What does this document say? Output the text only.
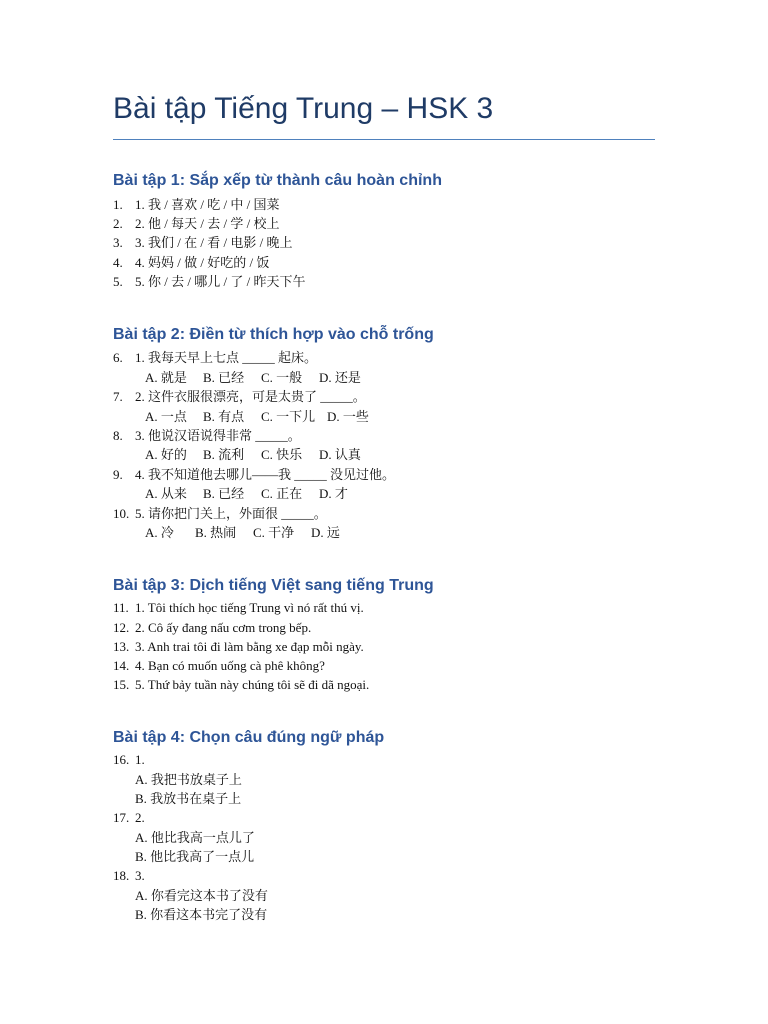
Bài tập Tiếng Trung – HSK 3
Bài tập 1: Sắp xếp từ thành câu hoàn chỉnh
1. 1. 我 / 喜欢 / 吃 / 中 / 国菜
2. 2. 他 / 每天 / 去 / 学 / 校上
3. 3. 我们 / 在 / 看 / 电影 / 晚上
4. 4. 妈妈 / 做 / 好吃的 / 饭
5. 5. 你 / 去 / 哪儿 / 了 / 昨天下午
Bài tập 2: Điền từ thích hợp vào chỗ trống
6. 1. 我每天早上七点 _____ 起床。
A. 就是 B. 已经 C. 一般 D. 还是
7. 2. 这件衣服很漂亮，可是太贵了 _____。
A. 一点 B. 有点 C. 一下儿 D. 一些
8. 3. 他说汉语说得非常 _____。
A. 好的 B. 流利 C. 快乐 D. 认真
9. 4. 我不知道他去哪儿——我 _____ 没见过他。
A. 从来 B. 已经 C. 正在 D. 才
10. 5. 请你把门关上，外面很 _____。
A. 冷 B. 热闹 C. 干净 D. 远
Bài tập 3: Dịch tiếng Việt sang tiếng Trung
11. 1. Tôi thích học tiếng Trung vì nó rất thú vị.
12. 2. Cô ấy đang nấu cơm trong bếp.
13. 3. Anh trai tôi đi làm bằng xe đạp mỗi ngày.
14. 4. Bạn có muốn uống cà phê không?
15. 5. Thứ bảy tuần này chúng tôi sẽ đi dã ngoại.
Bài tập 4: Chọn câu đúng ngữ pháp
16. 1.
A. 我把书放桌子上
B. 我放书在桌子上
17. 2.
A. 他比我高一点儿了
B. 他比我高了一点儿
18. 3.
A. 你看完这本书了没有
B. 你看这本书完了没有
